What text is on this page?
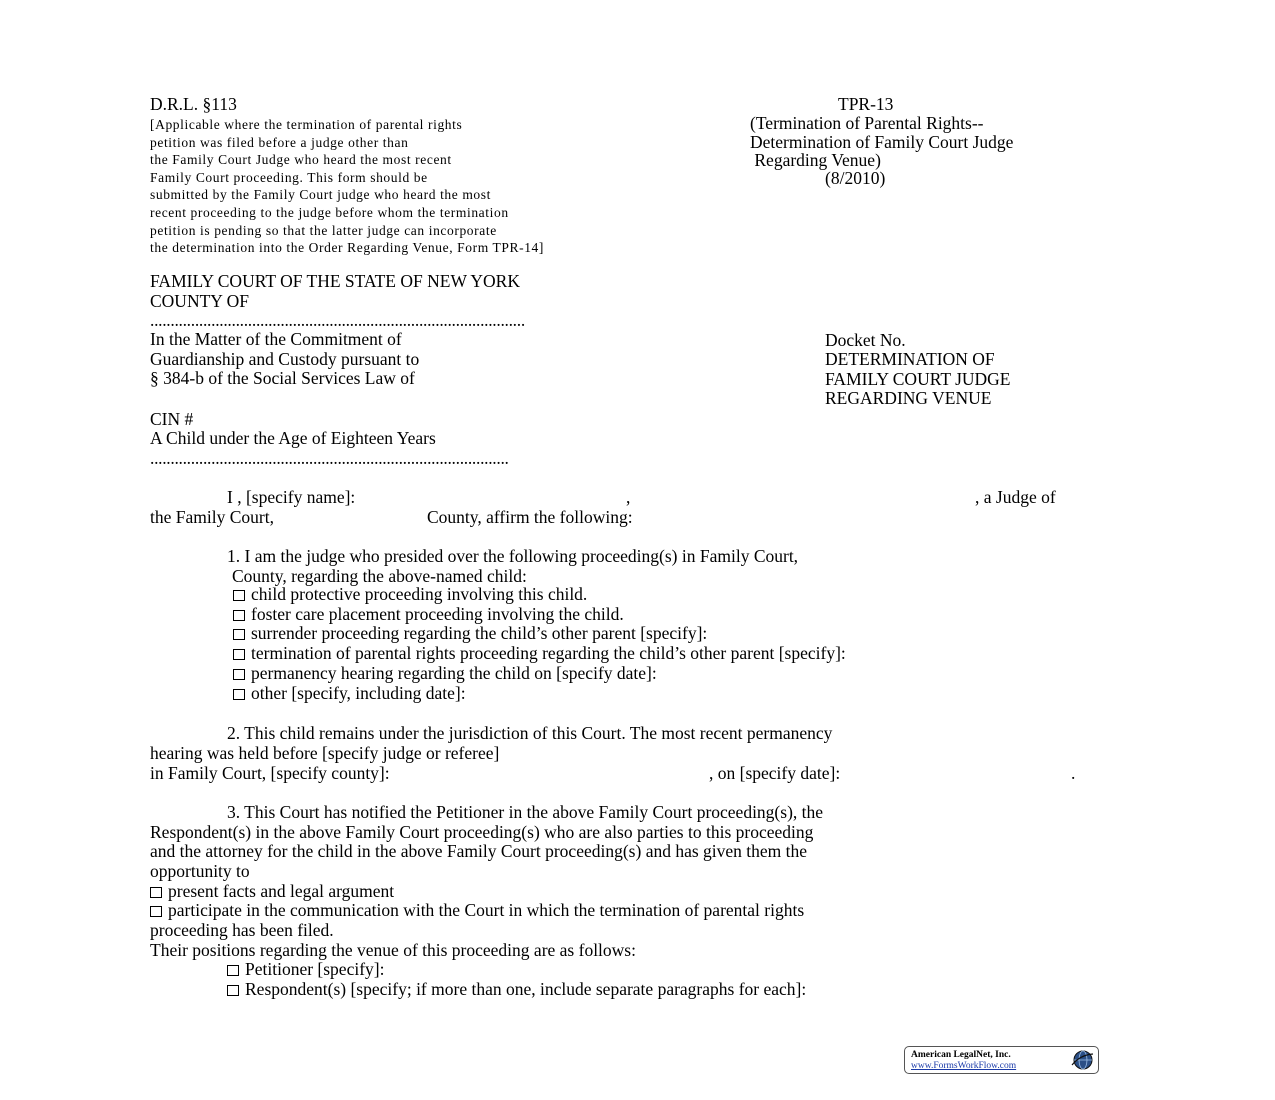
D.R.L. §113
[Applicable where the termination of parental rights
petition was filed before a judge other than
the Family Court Judge who heard the most recent
Family Court proceeding. This form should be
submitted by the Family Court judge who heard the most
recent proceeding to the judge before whom the termination
petition is pending so that the latter judge can incorporate
the determination into the Order Regarding Venue, Form TPR-14]
TPR-13
(Termination of Parental Rights--
Determination of Family Court Judge
Regarding Venue)
(8/2010)
FAMILY COURT OF THE STATE OF NEW YORK
COUNTY OF
............................................................................................
In the Matter of the Commitment of
Guardianship and Custody pursuant to
§ 384-b of the Social Services Law of
CIN #
A Child under the Age of Eighteen Years
........................................................................................
Docket No.
DETERMINATION OF
FAMILY COURT JUDGE
REGARDING VENUE
I , [specify name]:	,	, a Judge of
the Family Court,	County, affirm the following:
1. I am the judge who presided over the following proceeding(s) in Family Court,
County, regarding the above-named child:
child protective proceeding involving this child.
foster care placement proceeding involving the child.
surrender proceeding regarding the child’s other parent [specify]:
termination of parental rights proceeding regarding the child’s other parent [specify]:
permanency hearing regarding the child on [specify date]:
other [specify, including date]:
2. This child remains under the jurisdiction of this Court. The most recent permanency
hearing was held before [specify judge or referee]
in Family Court, [specify county]:	, on [specify date]:	.
3. This Court has notified the Petitioner in the above Family Court proceeding(s), the
Respondent(s) in the above Family Court proceeding(s) who are also parties to this proceeding
and the attorney for the child in the above Family Court proceeding(s) and has given them the
opportunity to
present facts and legal argument
participate in the communication with the Court in which the termination of parental rights
proceeding has been filed.
Their positions regarding the venue of this proceeding are as follows:
Petitioner [specify]:
Respondent(s) [specify; if more than one, include separate paragraphs for each]:
American LegalNet, Inc.
www.FormsWorkFlow.com
